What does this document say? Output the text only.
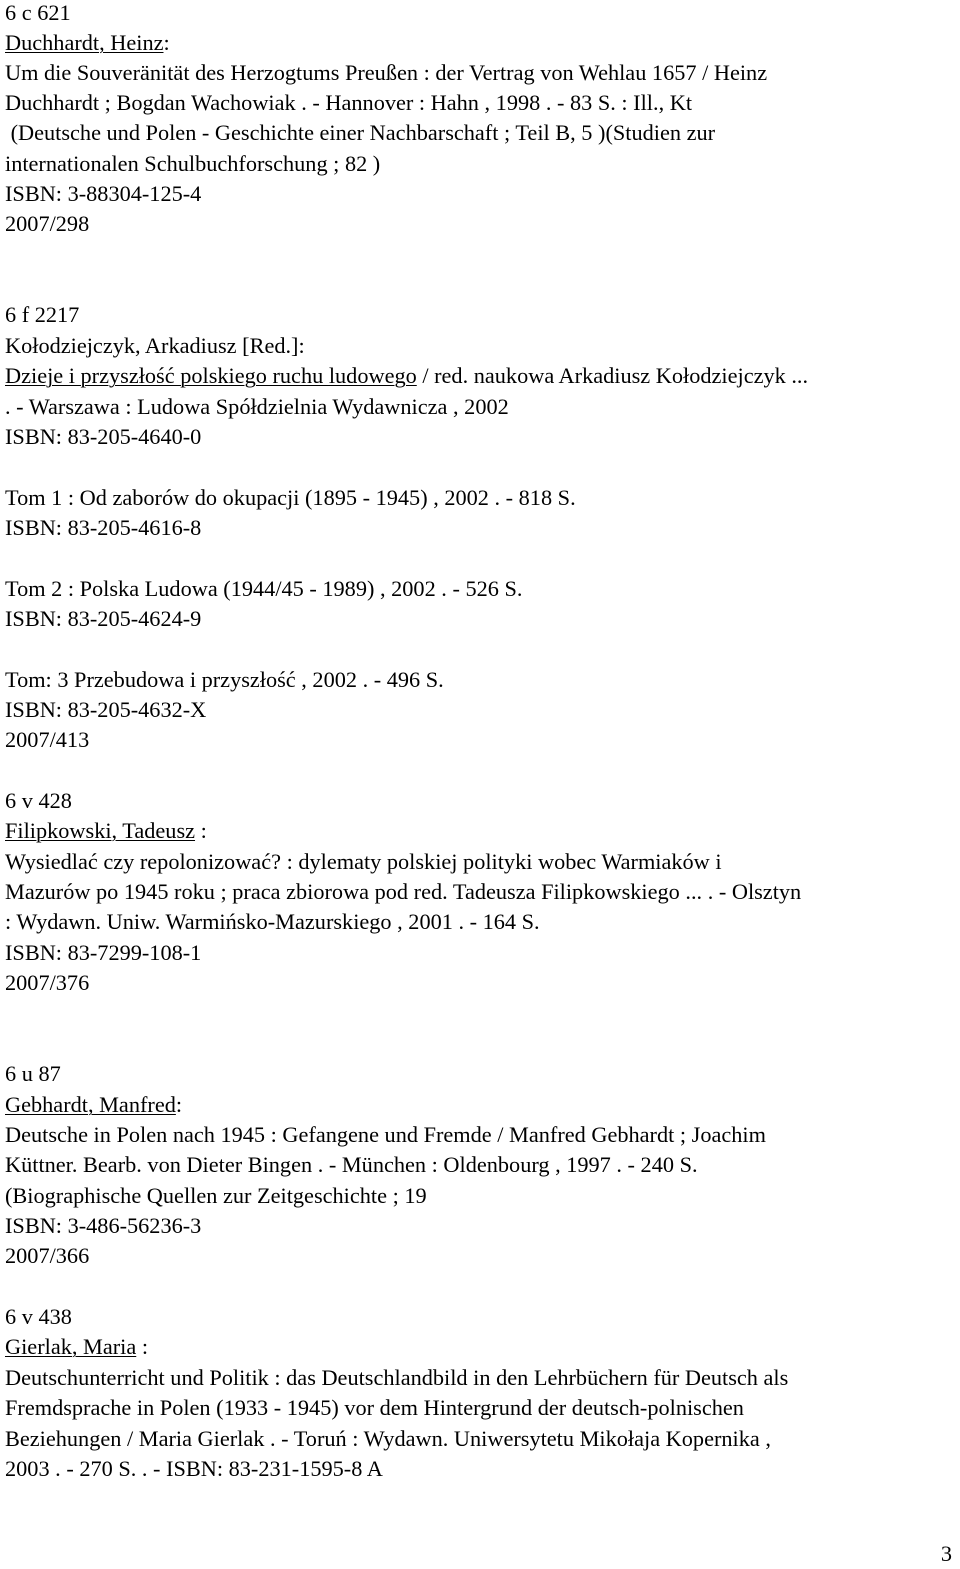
6 c 621
Duchhardt, Heinz:
Um die Souveränität des Herzogtums Preußen : der Vertrag von Wehlau 1657 / Heinz
Duchhardt ; Bogdan Wachowiak . - Hannover : Hahn , 1998 . - 83 S. : Ill., Kt
(Deutsche und Polen - Geschichte einer Nachbarschaft ; Teil B, 5 )(Studien zur
internationalen Schulbuchforschung ; 82 )
ISBN: 3-88304-125-4
2007/298
6 f 2217
Kołodziejczyk, Arkadiusz [Red.]:
Dzieje i przyszłość polskiego ruchu ludowego / red. naukowa Arkadiusz Kołodziejczyk ...
. - Warszawa : Ludowa Spółdzielnia Wydawnicza , 2002
ISBN: 83-205-4640-0
Tom 1 : Od zaborów do okupacji (1895 - 1945) , 2002 . - 818 S.
ISBN: 83-205-4616-8
Tom 2 : Polska Ludowa (1944/45 - 1989) , 2002 . - 526 S.
ISBN: 83-205-4624-9
Tom: 3 Przebudowa i przyszłość , 2002 . - 496 S.
ISBN: 83-205-4632-X
2007/413
6 v 428
Filipkowski, Tadeusz :
Wysiedlać czy repolonizować? : dylematy polskiej polityki wobec Warmiaków i
Mazurów po 1945 roku ; praca zbiorowa pod red. Tadeusza Filipkowskiego ... . - Olsztyn
: Wydawn. Uniw. Warmińsko-Mazurskiego , 2001 . - 164 S.
ISBN: 83-7299-108-1
2007/376
6 u 87
Gebhardt, Manfred:
Deutsche in Polen nach 1945 : Gefangene und Fremde / Manfred Gebhardt ; Joachim
Küttner. Bearb. von Dieter Bingen . - München : Oldenbourg , 1997 . - 240 S.
(Biographische Quellen zur Zeitgeschichte ; 19
ISBN: 3-486-56236-3
2007/366
6 v 438
Gierlak, Maria :
Deutschunterricht und Politik : das Deutschlandbild in den Lehrbüchern für Deutsch als
Fremdsprache in Polen (1933 - 1945) vor dem Hintergrund der deutsch-polnischen
Beziehungen / Maria Gierlak . - Toruń : Wydawn. Uniwersytetu Mikołaja Kopernika ,
2003 . - 270 S. . - ISBN: 83-231-1595-8 A
3
